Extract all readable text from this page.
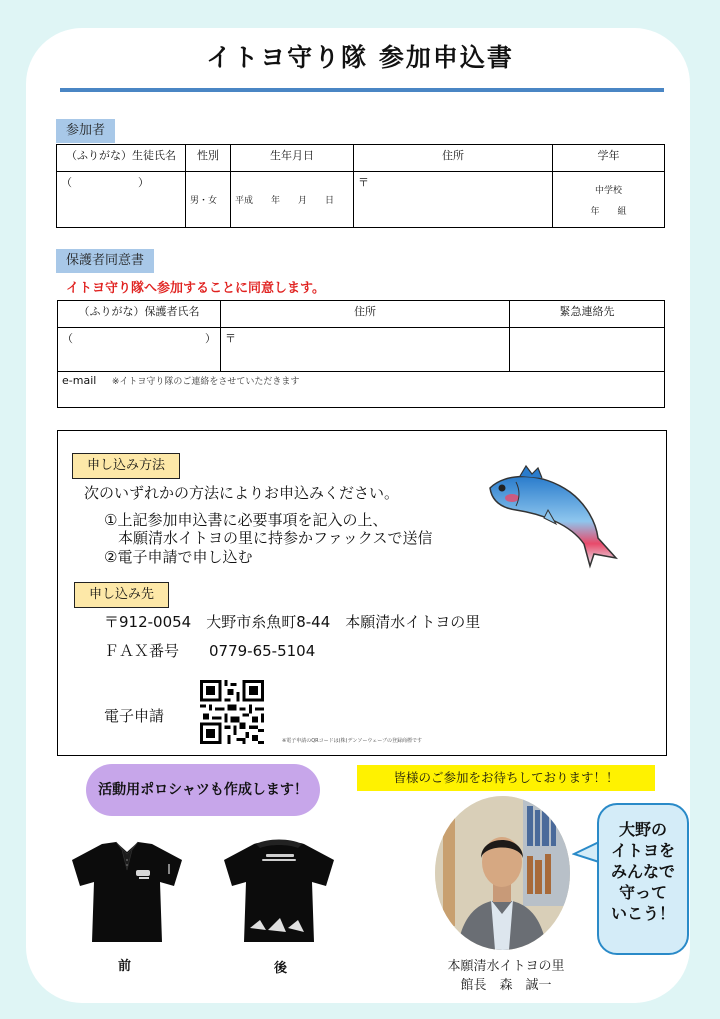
イトヨ守り隊 参加申込書
参加者
（ふりがな）生徒氏名	性別	生年月日	住所	学年
（　　　　　　）	男・女	平成　　年　　月　　日	〒	中学校
年　　組
保護者同意書
イトヨ守り隊へ参加することに同意します。
（ふりがな）保護者氏名	住所	緊急連絡先
（　　　　　　　　　　　　）	〒	
e-mail ※イトヨ守り隊のご連絡をさせていただきます		
申し込み方法
次のいずれかの方法によりお申込みください。
①上記参加申込書に必要事項を記入の上、
本願清水イトヨの里に持参かファックスで送信
②電子申請で申し込む
申し込み先
〒912-0054　大野市糸魚町8-44　本願清水イトヨの里
ＦＡＸ番号　　0779-65-5104
電子申請
※電子申請のQRコードは(株)デンソーウェーブの登録商標です
活動用ポロシャツも作成します！
皆様のご参加をお待ちしております！！
前	後	本願清水イトヨの里
館長　森　誠一
大野の
イトヨを
みんなで
守って
いこう！
